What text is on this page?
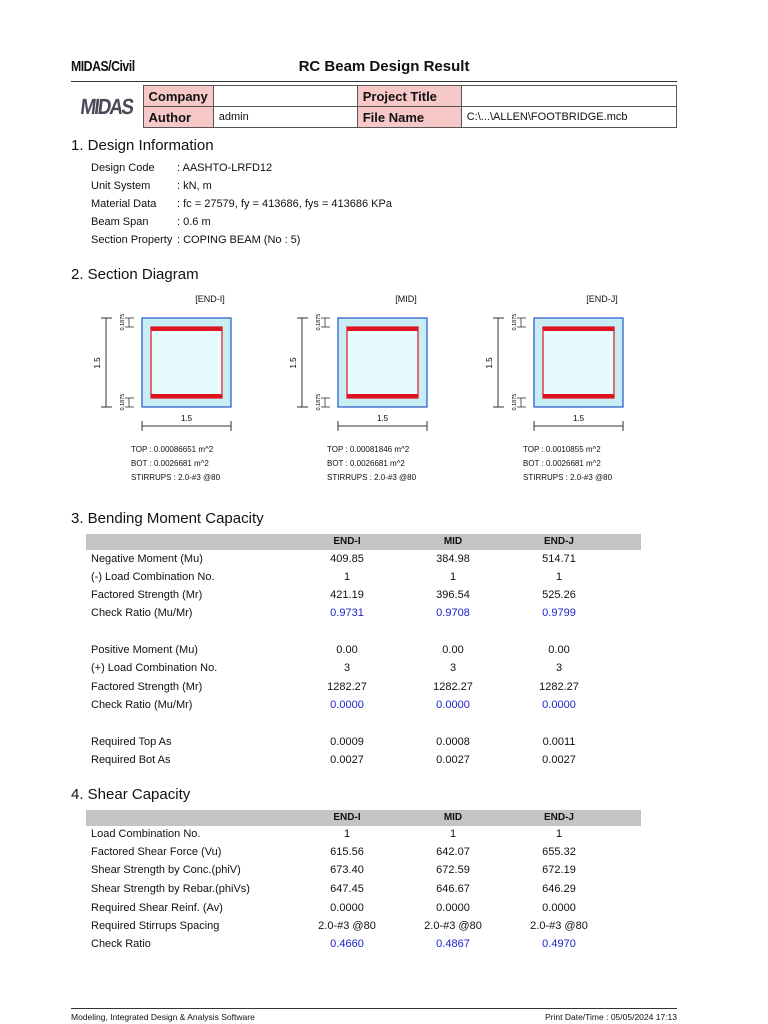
MIDAS/Civil	RC Beam Design Result
MIDAS	Company		Project Title	
	Author	admin	File Name	C:\...\ALLEN\FOOTBRIDGE.mcb
1. Design Information
Design Code : AASHTO-LRFD12
Unit System : kN, m
Material Data : fc = 27579, fy = 413686, fys = 413686 KPa
Beam Span	: 0.6 m
Section Property : COPING BEAM (No : 5)
2. Section Diagram
[END-I]
1.5
0.1875
0.1875
1.5
TOP : 0.00086651 m^2
BOT : 0.0026681 m^2
STIRRUPS : 2.0-#3 @80
[MID]
1.5
0.1875
0.1875
1.5
TOP : 0.00081846 m^2
BOT : 0.0026681 m^2
STIRRUPS : 2.0-#3 @80
[END-J]
1.5
0.1875
0.1875
1.5
TOP : 0.0010855 m^2
BOT : 0.0026681 m^2
STIRRUPS : 2.0-#3 @80
3. Bending Moment Capacity
END-I	MID	END-J
Negative Moment (Mu)	409.85	384.98	514.71
(-) Load Combination No.	1	1	1
Factored Strength (Mr)	421.19	396.54	525.26
Check Ratio (Mu/Mr)	0.9731	0.9708	0.9799
Positive Moment (Mu)	0.00	0.00	0.00
(+) Load Combination No.	3	3	3
Factored Strength (Mr)	1282.27	1282.27	1282.27
Check Ratio (Mu/Mr)	0.0000	0.0000	0.0000
Required Top As	0.0009	0.0008	0.0011
Required Bot As	0.0027	0.0027	0.0027
4. Shear Capacity
END-I	MID	END-J
Load Combination No.	1	1	1
Factored Shear Force (Vu)	615.56	642.07	655.32
Shear Strength by Conc.(phiV)	673.40	672.59	672.19
Shear Strength by Rebar.(phiVs)	647.45	646.67	646.29
Required Shear Reinf. (Av)	0.0000	0.0000	0.0000
Required Stirrups Spacing	2.0-#3 @80	2.0-#3 @80	2.0-#3 @80
Check Ratio	0.4660	0.4867	0.4970
Modeling, Integrated Design & Analysis Software	Print Date/Time : 05/05/2024 17:13
